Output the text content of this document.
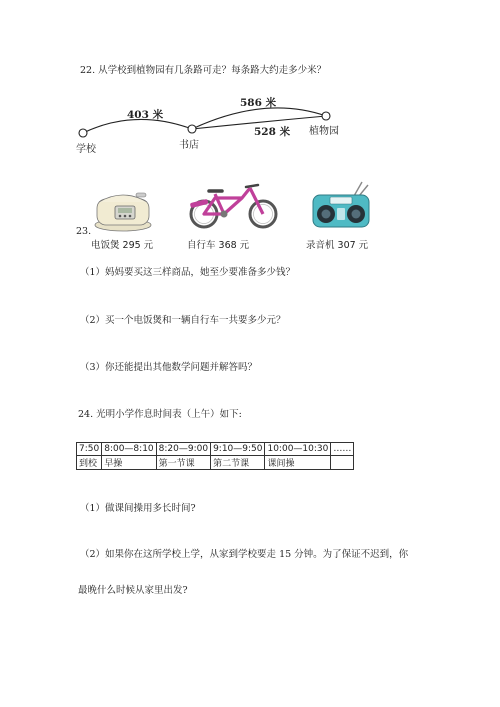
22. 从学校到植物园有几条路可走？每条路大约走多少米？
403 米
586 米
528 米
学校	书店
植物园
23.
电饭煲 295 元	自行车 368 元	录音机 307 元
（1）妈妈要买这三样商品，她至少要准备多少钱？
（2）买一个电饭煲和一辆自行车一共要多少元？
（3）你还能提出其他数学问题并解答吗？
24. 光明小学作息时间表（上午）如下:
7:50	8:00—8:10	8:20—9:00	9:10—9:50	10:00—10:30	……
到校	早操	第一节课	第二节课	课间操	
（1）做课间操用多长时间?
（2）如果你在这所学校上学，从家到学校要走 15 分钟。为了保证不迟到，你
最晚什么时候从家里出发?
